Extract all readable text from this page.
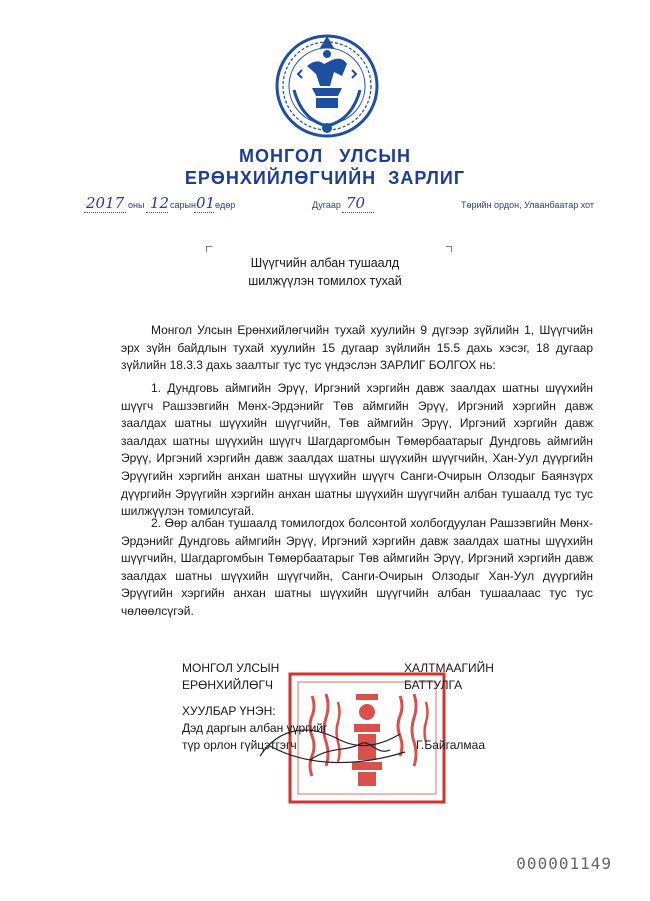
МОНГОЛ УЛСЫН
ЕРӨНХИЙЛӨГЧИЙН ЗАРЛИГ
2017 оны 12 сарын 01 өдөр	Дугаар 70	Төрийн ордон, Улаанбаатар хот
Шүүгчийн албан тушаалд
шилжүүлэн томилох тухай
Монгол Улсын Ерөнхийлөгчийн тухай хуулийн 9 дүгээр зүйлийн 1, Шүүгчийн эрх зүйн байдлын тухай хуулийн 15 дугаар зүйлийн 15.5 дахь хэсэг, 18 дугаар зүйлийн 18.3.3 дахь заалтыг тус тус үндэслэн ЗАРЛИГ БОЛГОХ нь:
1. Дундговь аймгийн Эрүү, Иргэний хэргийн давж заалдах шатны шүүхийн шүүгч Рашзэвгийн Мөнх-Эрдэнийг Төв аймгийн Эрүү, Иргэний хэргийн давж заалдах шатны шүүхийн шүүгчийн, Төв аймгийн Эрүү, Иргэний хэргийн давж заалдах шатны шүүхийн шүүгч Шагдаргомбын Төмөрбаатарыг Дундговь аймгийн Эрүү, Иргэний хэргийн давж заалдах шатны шүүхийн шүүгчийн, Хан-Уул дүүргийн Эрүүгийн хэргийн анхан шатны шүүхийн шүүгч Санги-Очирын Олзодыг Баянзүрх дүүргийн Эрүүгийн хэргийн анхан шатны шүүхийн шүүгчийн албан тушаалд тус тус шилжүүлэн томилсугай.
2. Өөр албан тушаалд томилогдох болсонтой холбогдуулан Рашзэвгийн Мөнх-Эрдэнийг Дундговь аймгийн Эрүү, Иргэний хэргийн давж заалдах шатны шүүхийн шүүгчийн, Шагдаргомбын Төмөрбаатарыг Төв аймгийн Эрүү, Иргэний хэргийн давж заалдах шатны шүүхийн шүүгчийн, Санги-Очирын Олзодыг Хан-Уул дүүргийн Эрүүгийн хэргийн анхан шатны шүүхийн шүүгчийн албан тушаалаас тус тус чөлөөлсүгэй.
МОНГОЛ УЛСЫН
ЕРӨНХИЙЛӨГЧ
ХАЛТМААГИЙН
БАТТУЛГА
ХУУЛБАР ҮНЭН:
Дэд даргын албан үүргийг
түр орлон гүйцэтгэгч	Г.Байгалмаа
000001149
